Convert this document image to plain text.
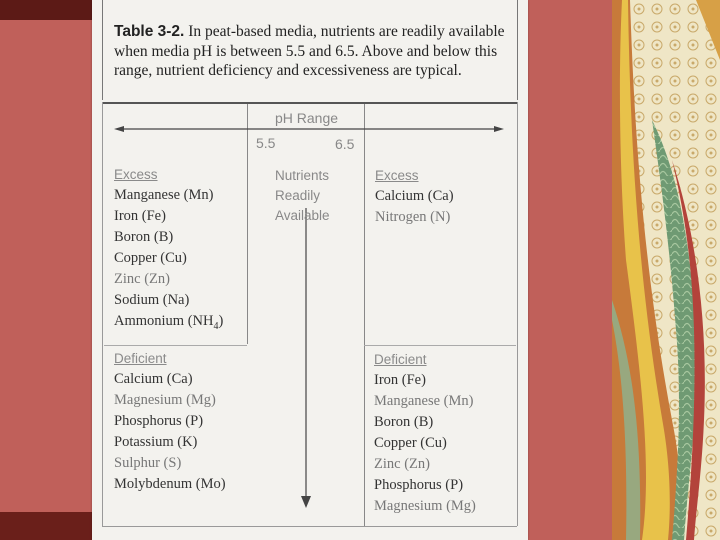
Table 3-2. In peat-based media, nutrients are readily available when media pH is between 5.5 and 6.5. Above and below this range, nutrient deficiency and excessiveness are typical.
pH Range
5.5	6.5
Nutrients
Readily
Available
Excess
Manganese (Mn)
Iron (Fe)
Boron (B)
Copper (Cu)
Zinc (Zn)
Sodium (Na)
Ammonium $(NH_4)$
Deficient
Calcium (Ca)
Magnesium (Mg)
Phosphorus (P)
Potassium (K)
Sulphur (S)
Molybdenum (Mo)
Excess
Calcium (Ca)
Nitrogen (N)
Deficient
Iron (Fe)
Manganese (Mn)
Boron (B)
Copper (Cu)
Zinc (Zn)
Phosphorus (P)
Magnesium (Mg)
